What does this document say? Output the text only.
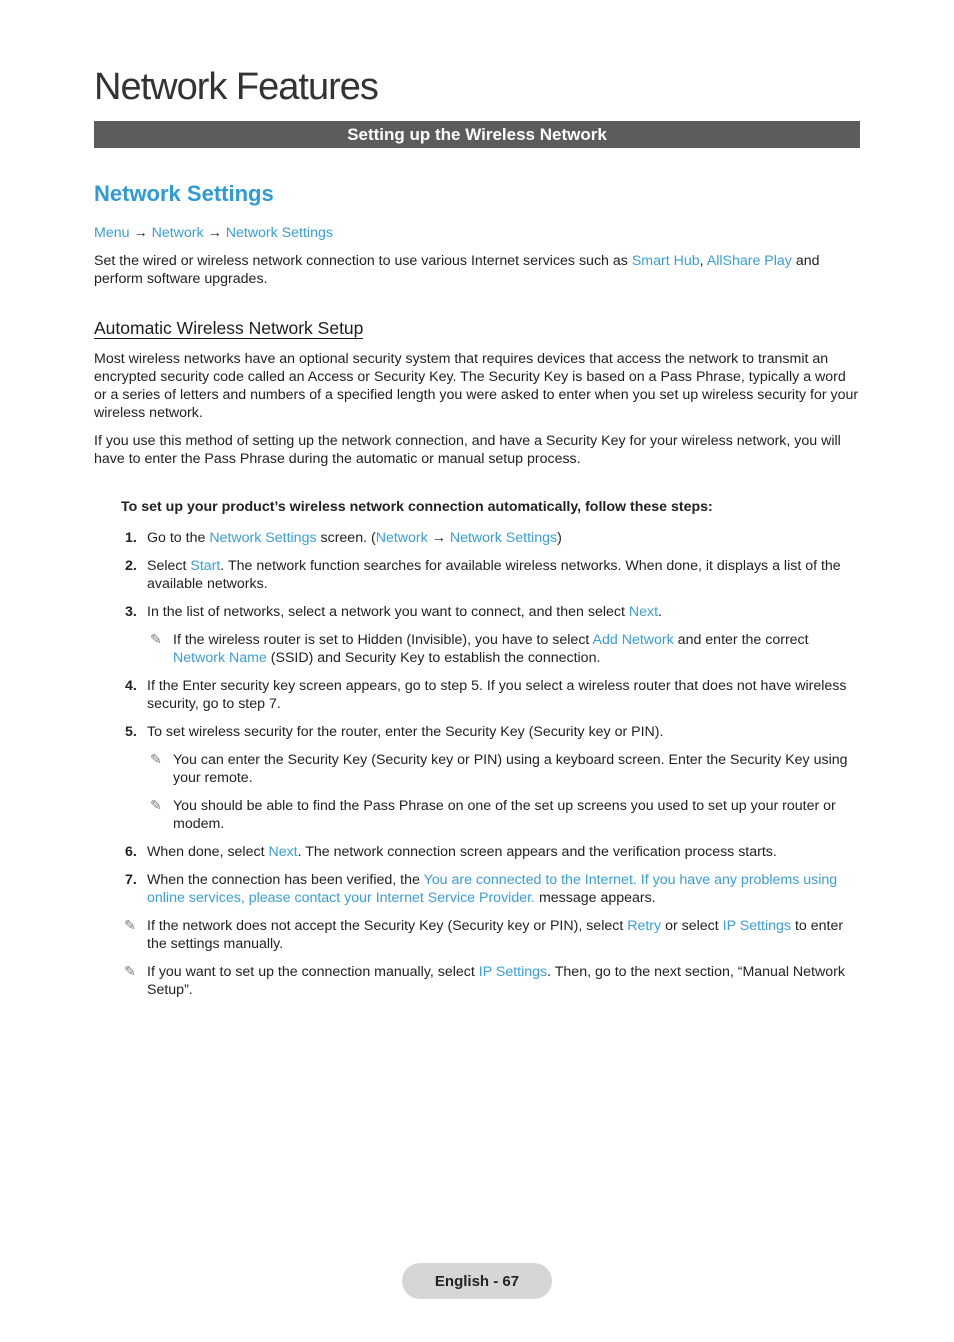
Network Features
Setting up the Wireless Network
Network Settings

Menu → Network → Network Settings

Set the wired or wireless network connection to use various Internet services such as Smart Hub, AllShare Play and perform software upgrades.

Automatic Wireless Network Setup

Most wireless networks have an optional security system that requires devices that access the network to transmit an encrypted security code called an Access or Security Key. The Security Key is based on a Pass Phrase, typically a word or a series of letters and numbers of a specified length you were asked to enter when you set up wireless security for your wireless network.

If you use this method of setting up the network connection, and have a Security Key for your wireless network, you will have to enter the Pass Phrase during the automatic or manual setup process.

To set up your product’s wireless network connection automatically, follow these steps:

1. Go to the Network Settings screen. (Network → Network Settings)

2. Select Start. The network function searches for available wireless networks. When done, it displays a list of the available networks.

3. In the list of networks, select a network you want to connect, and then select Next.

✎ If the wireless router is set to Hidden (Invisible), you have to select Add Network and enter the correct Network Name (SSID) and Security Key to establish the connection.

4. If the Enter security key screen appears, go to step 5. If you select a wireless router that does not have wireless security, go to step 7.

5. To set wireless security for the router, enter the Security Key (Security key or PIN).

✎ You can enter the Security Key (Security key or PIN) using a keyboard screen. Enter the Security Key using your remote.

✎ You should be able to find the Pass Phrase on one of the set up screens you used to set up your router or modem.

6. When done, select Next. The network connection screen appears and the verification process starts.

7. When the connection has been verified, the You are connected to the Internet. If you have any problems using online services, please contact your Internet Service Provider. message appears.

✎ If the network does not accept the Security Key (Security key or PIN), select Retry or select IP Settings to enter the settings manually.

✎ If you want to set up the connection manually, select IP Settings. Then, go to the next section, “Manual Network Setup”.

English - 67
